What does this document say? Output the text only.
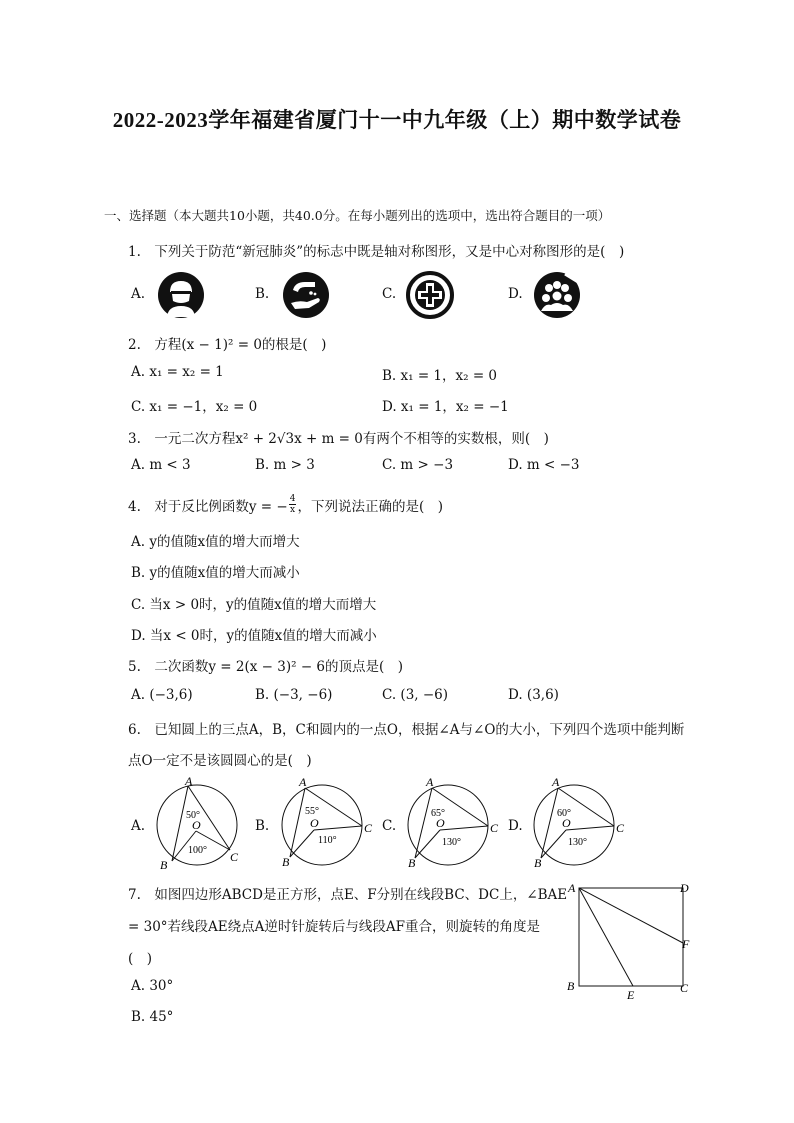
2022-2023学年福建省厦门十一中九年级（上）期中数学试卷
一、选择题（本大题共10小题，共40.0分。在每小题列出的选项中，选出符合题目的一项）
1.　下列关于防范“新冠肺炎”的标志中既是轴对称图形，又是中心对称图形的是(　)
A.	B.	C.	D.
2.　方程(x − 1)² = 0的根是(　)
A. x₁ = x₂ = 1	B. x₁ = 1，x₂ = 0
C. x₁ = −1，x₂ = 0	D. x₁ = 1，x₂ = −1
3.　一元二次方程x² + 2√3x + m = 0有两个不相等的实数根，则(　)
A. m < 3	B. m > 3	C. m > −3	D. m < −3
4.　对于反比例函数y = − $\frac{4}{x}$ ，下列说法正确的是(　)
A. y的值随x值的增大而增大
B. y的值随x值的增大而减小
C. 当x > 0时，y的值随x值的增大而增大
D. 当x < 0时，y的值随x值的增大而减小
5.　二次函数y = 2(x − 3)² − 6的顶点是(　)
A. (−3,6)	B. (−3, −6)	C. (3, −6)	D. (3,6)
6.　已知圆上的三点A，B，C和圆内的一点O，根据∠A与∠O的大小，下列四个选项中能判断
点O一定不是该圆圆心的是(　)
A.	B.	C.	D.
A
B
C
O
50°
100°
A
B
C
O
55°
110°
A
B
C
O
65°
130°
A
B
C
O
60°
130°
7.　如图四边形ABCD是正方形，点E、F分别在线段BC、DC上，∠BAE
= 30°若线段AE绕点A逆时针旋转后与线段AF重合，则旋转的角度是
(　)
A. 30°
B. 45°
A	D
B	C
E
F
